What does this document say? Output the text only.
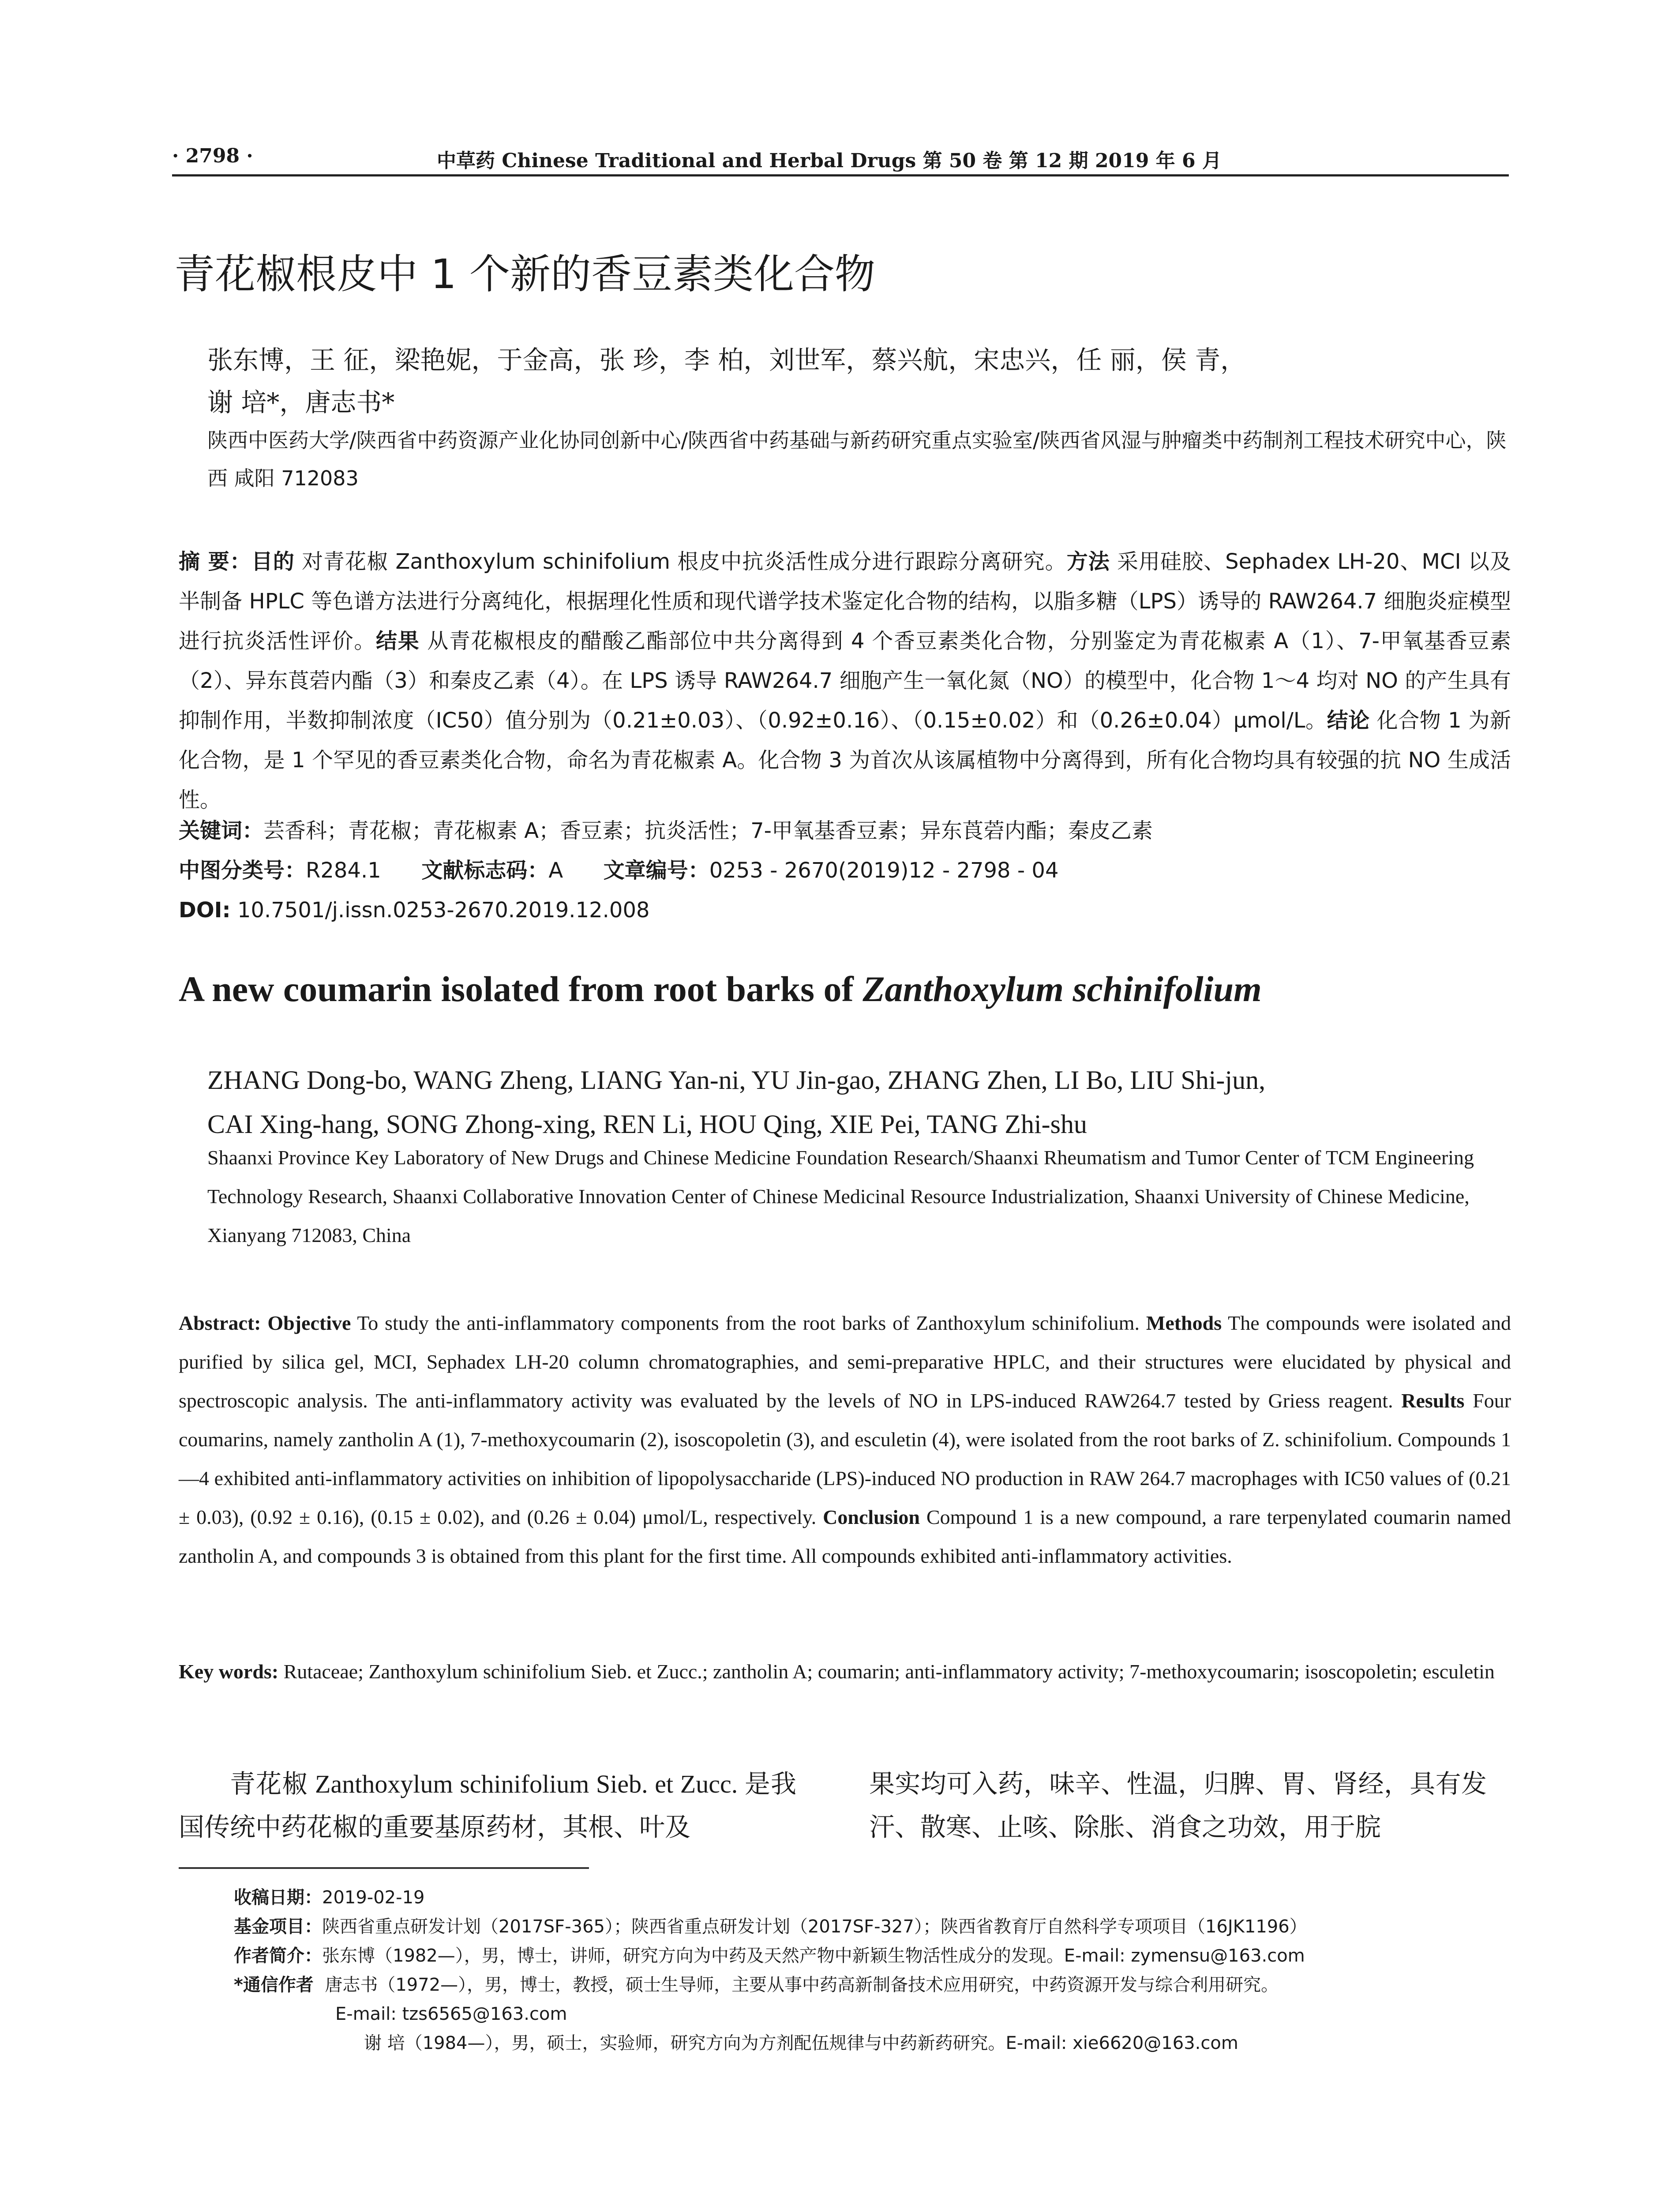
· 2798 ·	中草药 Chinese Traditional and Herbal Drugs 第 50 卷 第 12 期 2019 年 6 月
青花椒根皮中 1 个新的香豆素类化合物
张东博，王 征，梁艳妮，于金高，张 珍，李 柏，刘世军，蔡兴航，宋忠兴，任 丽，侯 青，
谢 培*，唐志书*
陕西中医药大学/陕西省中药资源产业化协同创新中心/陕西省中药基础与新药研究重点实验室/陕西省风湿与肿瘤类中药制剂工程技术研究中心，陕西 咸阳 712083
摘 要：目的 对青花椒 Zanthoxylum schinifolium 根皮中抗炎活性成分进行跟踪分离研究。方法 采用硅胶、Sephadex LH-20、MCI 以及半制备 HPLC 等色谱方法进行分离纯化，根据理化性质和现代谱学技术鉴定化合物的结构，以脂多糖（LPS）诱导的 RAW264.7 细胞炎症模型进行抗炎活性评价。结果 从青花椒根皮的醋酸乙酯部位中共分离得到 4 个香豆素类化合物，分别鉴定为青花椒素 A（1）、7-甲氧基香豆素（2）、异东莨菪内酯（3）和秦皮乙素（4）。在 LPS 诱导 RAW264.7 细胞产生一氧化氮（NO）的模型中，化合物 1～4 均对 NO 的产生具有抑制作用，半数抑制浓度（IC50）值分别为（0.21±0.03）、（0.92±0.16）、（0.15±0.02）和（0.26±0.04）μmol/L。结论 化合物 1 为新化合物，是 1 个罕见的香豆素类化合物，命名为青花椒素 A。化合物 3 为首次从该属植物中分离得到，所有化合物均具有较强的抗 NO 生成活性。
关键词：芸香科；青花椒；青花椒素 A；香豆素；抗炎活性；7-甲氧基香豆素；异东莨菪内酯；秦皮乙素
中图分类号：R284.1 文献标志码：A 文章编号：0253 - 2670(2019)12 - 2798 - 04
DOI: 10.7501/j.issn.0253-2670.2019.12.008
A new coumarin isolated from root barks of Zanthoxylum schinifolium
ZHANG Dong-bo, WANG Zheng, LIANG Yan-ni, YU Jin-gao, ZHANG Zhen, LI Bo, LIU Shi-jun,
CAI Xing-hang, SONG Zhong-xing, REN Li, HOU Qing, XIE Pei, TANG Zhi-shu
Shaanxi Province Key Laboratory of New Drugs and Chinese Medicine Foundation Research/Shaanxi Rheumatism and Tumor Center of TCM Engineering Technology Research, Shaanxi Collaborative Innovation Center of Chinese Medicinal Resource Industrialization, Shaanxi University of Chinese Medicine, Xianyang 712083, China
Abstract: Objective To study the anti-inflammatory components from the root barks of Zanthoxylum schinifolium. Methods The compounds were isolated and purified by silica gel, MCI, Sephadex LH-20 column chromatographies, and semi-preparative HPLC, and their structures were elucidated by physical and spectroscopic analysis. The anti-inflammatory activity was evaluated by the levels of NO in LPS-induced RAW264.7 tested by Griess reagent. Results Four coumarins, namely zantholin A (1), 7-methoxycoumarin (2), isoscopoletin (3), and esculetin (4), were isolated from the root barks of Z. schinifolium. Compounds 1—4 exhibited anti-inflammatory activities on inhibition of lipopolysaccharide (LPS)-induced NO production in RAW 264.7 macrophages with IC50 values of (0.21 ± 0.03), (0.92 ± 0.16), (0.15 ± 0.02), and (0.26 ± 0.04) μmol/L, respectively. Conclusion Compound 1 is a new compound, a rare terpenylated coumarin named zantholin A, and compounds 3 is obtained from this plant for the first time. All compounds exhibited anti-inflammatory activities.
Key words: Rutaceae; Zanthoxylum schinifolium Sieb. et Zucc.; zantholin A; coumarin; anti-inflammatory activity; 7-methoxycoumarin; isoscopoletin; esculetin
青花椒 Zanthoxylum schinifolium Sieb. et Zucc. 是我国传统中药花椒的重要基原药材，其根、叶及
果实均可入药，味辛、性温，归脾、胃、肾经，具有发汗、散寒、止咳、除胀、消食之功效，用于脘
收稿日期：2019-02-19
基金项目：陕西省重点研发计划（2017SF-365）；陕西省重点研发计划（2017SF-327）；陕西省教育厅自然科学专项项目（16JK1196）
作者简介：张东博（1982—），男，博士，讲师，研究方向为中药及天然产物中新颖生物活性成分的发现。E-mail: zymensu@163.com
*通信作者 唐志书（1972—），男，博士，教授，硕士生导师，主要从事中药高新制备技术应用研究，中药资源开发与综合利用研究。
E-mail: tzs6565@163.com
谢 培（1984—），男，硕士，实验师，研究方向为方剂配伍规律与中药新药研究。E-mail: xie6620@163.com
